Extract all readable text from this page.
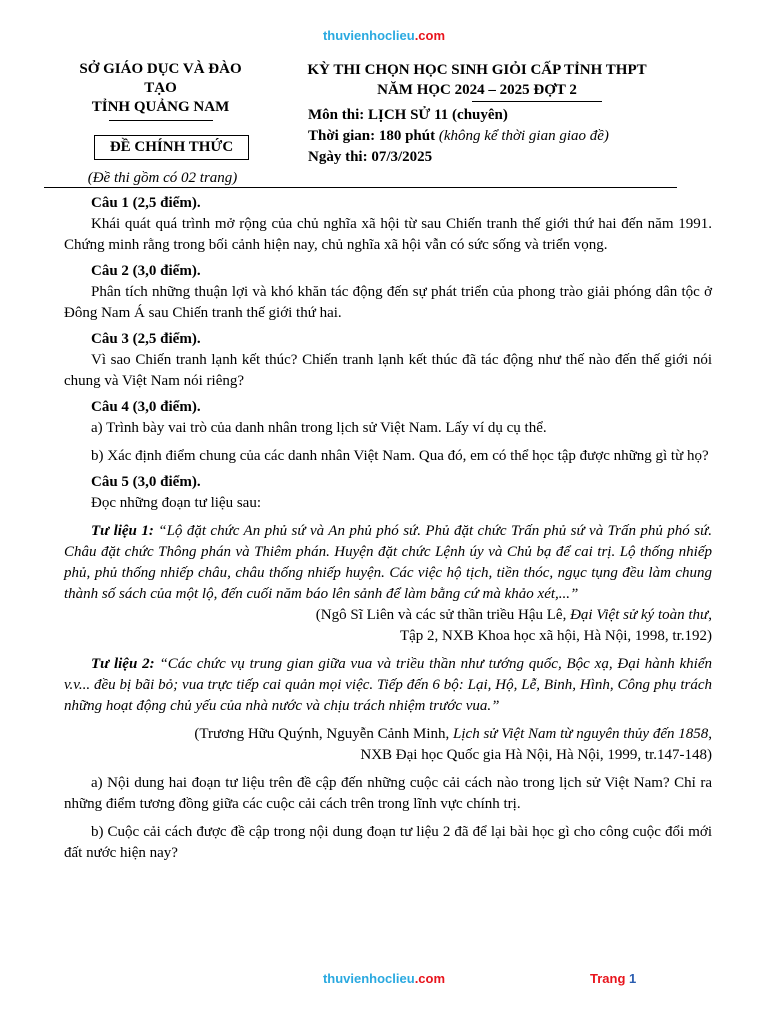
thuvienhoclieu.com
SỞ GIÁO DỤC VÀ ĐÀO
TẠO
TỈNH QUẢNG NAM
ĐỀ CHÍNH THỨC
(Đề thi gồm có 02 trang)
KỲ THI CHỌN HỌC SINH GIỎI CẤP TỈNH THPT
NĂM HỌC 2024 – 2025 ĐỢT 2
Môn thi: LỊCH SỬ 11 (chuyên)
Thời gian: 180 phút (không kể thời gian giao đề)
Ngày thi: 07/3/2025

Câu 1 (2,5 điểm).

Khái quát quá trình mở rộng của chủ nghĩa xã hội từ sau Chiến tranh thế giới thứ hai đến năm 1991. Chứng minh rằng trong bối cảnh hiện nay, chủ nghĩa xã hội vẫn có sức sống và triển vọng.

Câu 2 (3,0 điểm).

Phân tích những thuận lợi và khó khăn tác động đến sự phát triển của phong trào giải phóng dân tộc ở Đông Nam Á sau Chiến tranh thế giới thứ hai.

Câu 3 (2,5 điểm).

Vì sao Chiến tranh lạnh kết thúc? Chiến tranh lạnh kết thúc đã tác động như thế nào đến thế giới nói chung và Việt Nam nói riêng?

Câu 4 (3,0 điểm).

a) Trình bày vai trò của danh nhân trong lịch sử Việt Nam. Lấy ví dụ cụ thể.

b) Xác định điểm chung của các danh nhân Việt Nam. Qua đó, em có thể học tập được những gì từ họ?

Câu 5 (3,0 điểm).

Đọc những đoạn tư liệu sau:

Tư liệu 1: “Lộ đặt chức An phủ sứ và An phủ phó sứ. Phủ đặt chức Trấn phủ sứ và Trấn phủ phó sứ. Châu đặt chức Thông phán và Thiêm phán. Huyện đặt chức Lệnh úy và Chủ bạ để cai trị. Lộ thống nhiếp phủ, phủ thống nhiếp châu, châu thống nhiếp huyện. Các việc hộ tịch, tiền thóc, ngục tụng đều làm chung thành số sách của một lộ, đến cuối năm báo lên sảnh để làm bằng cứ mà khảo xét,...”

(Ngô Sĩ Liên và các sử thần triều Hậu Lê, Đại Việt sử ký toàn thư,

Tập 2, NXB Khoa học xã hội, Hà Nội, 1998, tr.192)

Tư liệu 2: “Các chức vụ trung gian giữa vua và triều thần như tướng quốc, Bộc xạ, Đại hành khiển v.v... đều bị bãi bỏ; vua trực tiếp cai quản mọi việc. Tiếp đến 6 bộ: Lại, Hộ, Lễ, Binh, Hình, Công phụ trách những hoạt động chủ yếu của nhà nước và chịu trách nhiệm trước vua.”

(Trương Hữu Quýnh, Nguyễn Cảnh Minh, Lịch sử Việt Nam từ nguyên thủy đến 1858,

NXB Đại học Quốc gia Hà Nội, Hà Nội, 1999, tr.147-148)

a) Nội dung hai đoạn tư liệu trên đề cập đến những cuộc cải cách nào trong lịch sử Việt Nam? Chỉ ra những điểm tương đồng giữa các cuộc cải cách trên trong lĩnh vực chính trị.

b) Cuộc cải cách được đề cập trong nội dung đoạn tư liệu 2 đã để lại bài học gì cho công cuộc đổi mới đất nước hiện nay?

thuvienhoclieu.com	Trang 1
